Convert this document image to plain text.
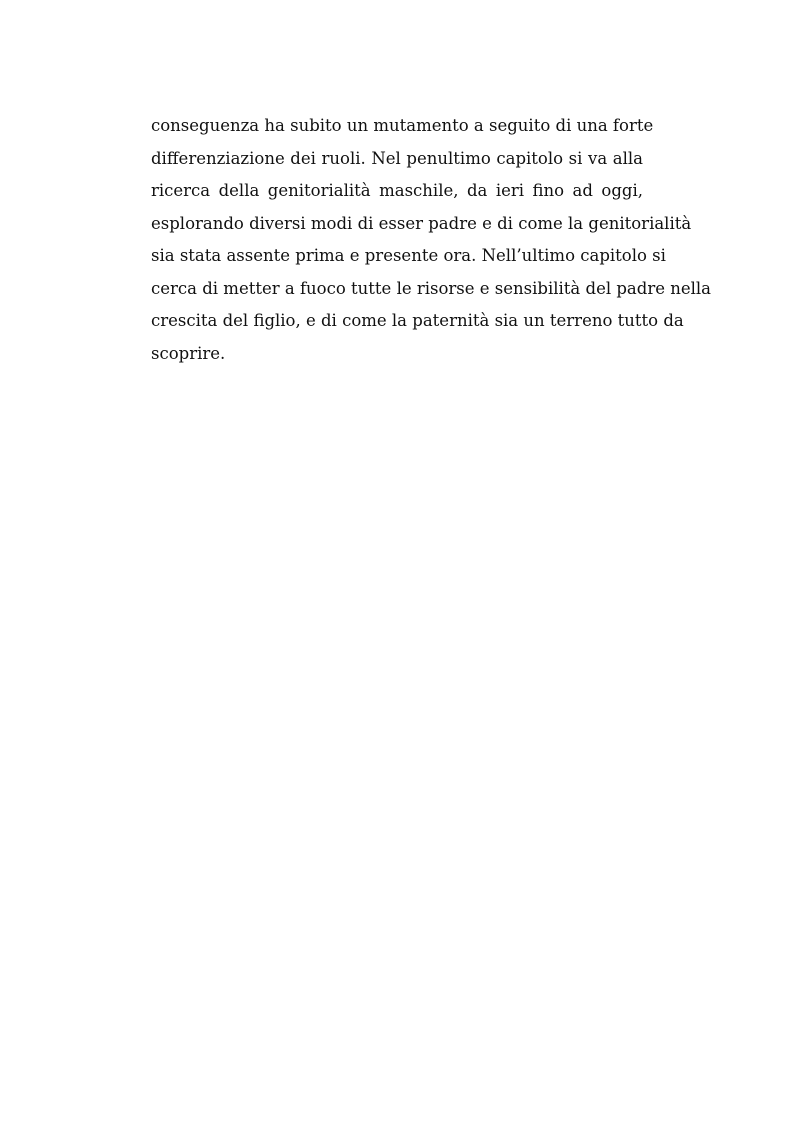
conseguenza ha subito un mutamento a seguito di una forte
differenziazione dei ruoli. Nel penultimo capitolo si va alla
ricerca della genitorialità maschile, da ieri fino ad oggi,
esplorando diversi modi di esser padre e di come la genitorialità
sia stata assente prima e presente ora. Nell’ultimo capitolo si
cerca di metter a fuoco tutte le risorse e sensibilità del padre nella
crescita del figlio, e di come la paternità sia un terreno tutto da
scoprire.
